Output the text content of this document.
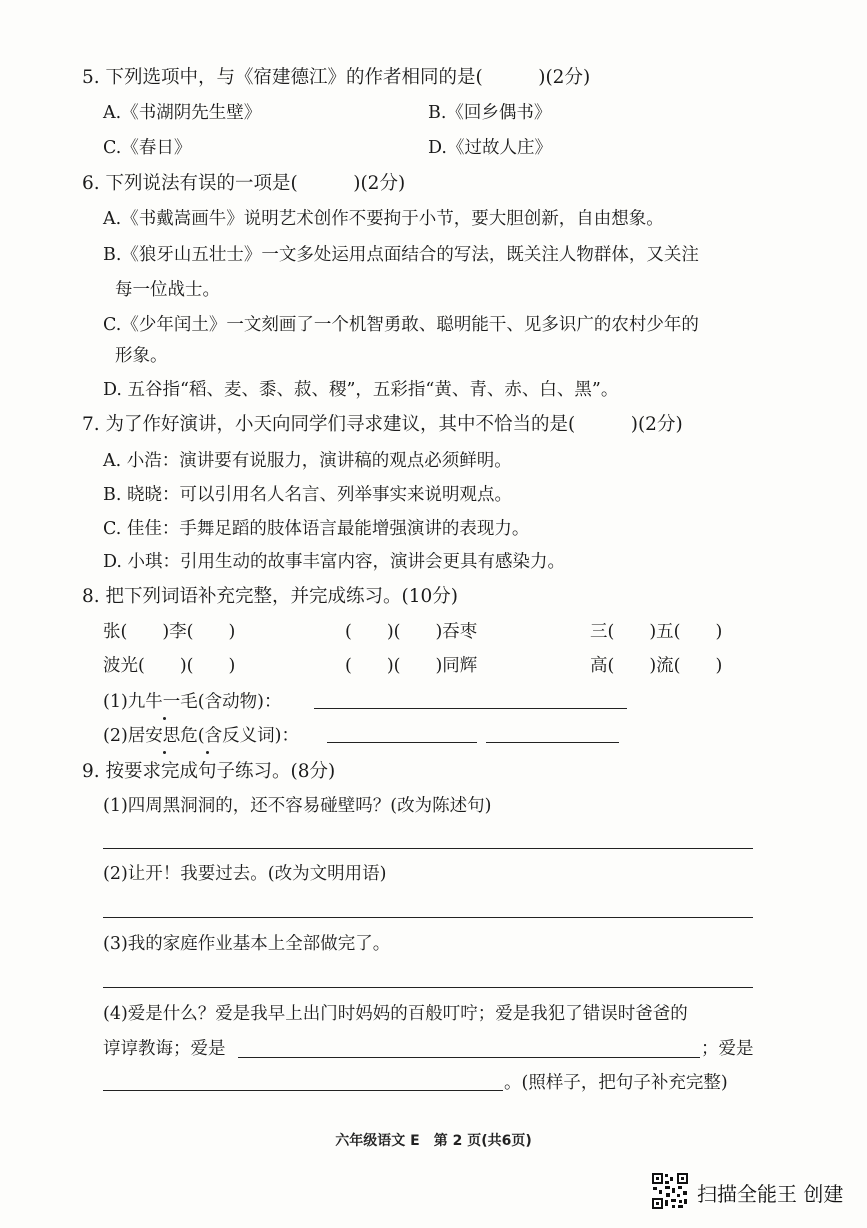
5. 下列选项中，与《宿建德江》的作者相同的是(　　　)(2分)
A.《书湖阴先生壁》	B.《回乡偶书》
C.《春日》	D.《过故人庄》
6. 下列说法有误的一项是(　　　)(2分)
A.《书戴嵩画牛》说明艺术创作不要拘于小节，要大胆创新，自由想象。
B.《狼牙山五壮士》一文多处运用点面结合的写法，既关注人物群体，又关注
每一位战士。
C.《少年闰土》一文刻画了一个机智勇敢、聪明能干、见多识广的农村少年的
形象。
D. 五谷指“稻、麦、黍、菽、稷”，五彩指“黄、青、赤、白、黑”。
7. 为了作好演讲，小天向同学们寻求建议，其中不恰当的是(　　　)(2分)
A. 小浩：演讲要有说服力，演讲稿的观点必须鲜明。
B. 晓晓：可以引用名人名言、列举事实来说明观点。
C. 佳佳：手舞足蹈的肢体语言最能增强演讲的表现力。
D. 小琪：引用生动的故事丰富内容，演讲会更具有感染力。
8. 把下列词语补充完整，并完成练习。(10分)
张(　　)李(　　)	(　　)(　　)吞枣	三(　　)五(　　)
波光(　　)(　　)	(　　)(　　)同辉	高(　　)流(　　)
(1)九牛一毛(含动物)：
(2)居安思危(含反义词)：
9. 按要求完成句子练习。(8分)
(1)四周黑洞洞的，还不容易碰壁吗？(改为陈述句)
(2)让开！我要过去。(改为文明用语)
(3)我的家庭作业基本上全部做完了。
(4)爱是什么？爱是我早上出门时妈妈的百般叮咛；爱是我犯了错误时爸爸的
谆谆教诲；爱是	；爱是
。(照样子，把句子补充完整)
六年级语文 E　第 2 页(共6页)
扫描全能王 创建
